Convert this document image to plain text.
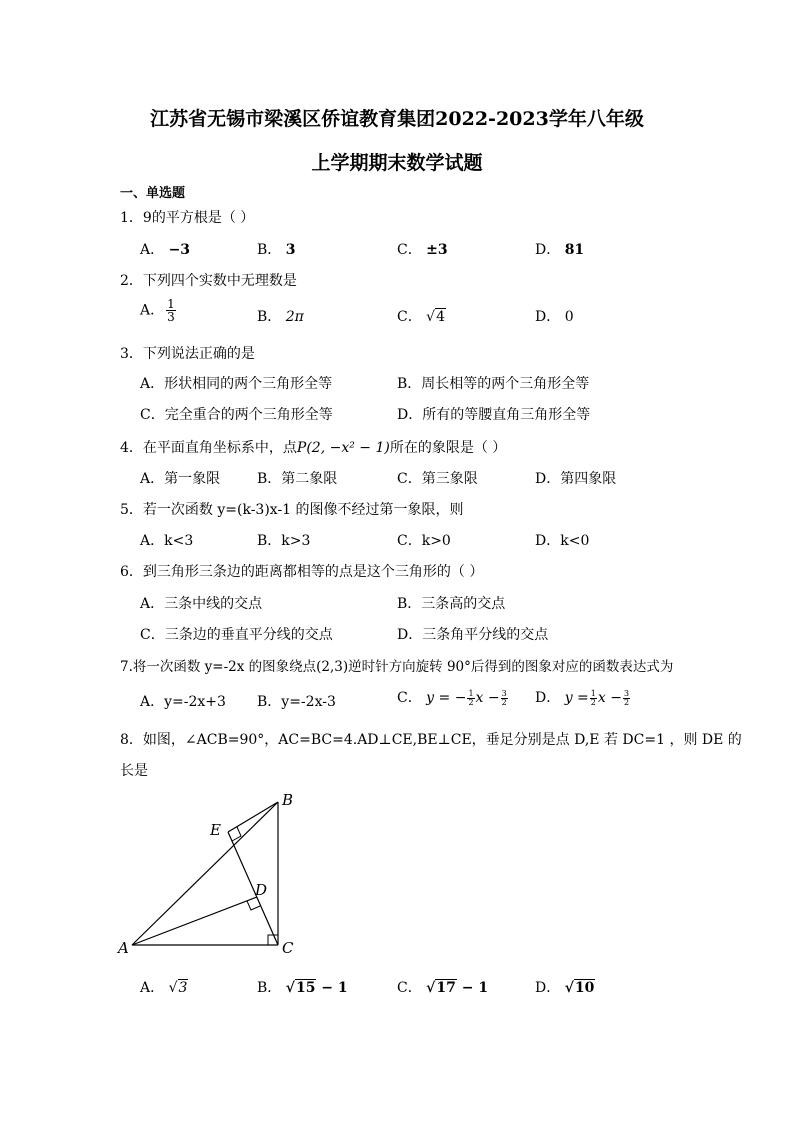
江苏省无锡市梁溪区侨谊教育集团2022-2023学年八年级
上学期期末数学试题
一、单选题
1．9的平方根是（ ）
A． −3	B． 3	C． ±3	D． 81
2．下列四个实数中无理数是
A． $\frac{1}{3}$	B． 2π	C． √4	D． 0
3．下列说法正确的是
A．形状相同的两个三角形全等	B．周长相等的两个三角形全等
C．完全重合的两个三角形全等	D．所有的等腰直角三角形全等
4．在平面直角坐标系中，点P(2, −x² − 1)所在的象限是（ ）
A．第一象限	B．第二象限	C．第三象限	D．第四象限
5．若一次函数 y=(k-3)x-1 的图像不经过第一象限，则
A．k<3	B．k>3	C．k>0	D．k<0
6．到三角形三条边的距离都相等的点是这个三角形的（ ）
A．三条中线的交点	B．三条高的交点
C．三条边的垂直平分线的交点	D．三条角平分线的交点
7.将一次函数 y=-2x 的图象绕点(2,3)逆时针方向旋转 90°后得到的图象对应的函数表达式为
A．y=-2x+3 B．y=-2x-3	C． y = − $\frac{1}{2}$ $x - \frac{3}{2}$ D． $y = \frac{1}{2}$ $x - \frac{3}{2}$
8．如图，∠ACB=90°，AC=BC=4.AD⊥CE,BE⊥CE，垂足分别是点 D,E 若 DC=1 ，则 DE 的
长是
A
B
C
D
E
A． √3	B． √15 − 1	C． √17 − 1	D． √10
